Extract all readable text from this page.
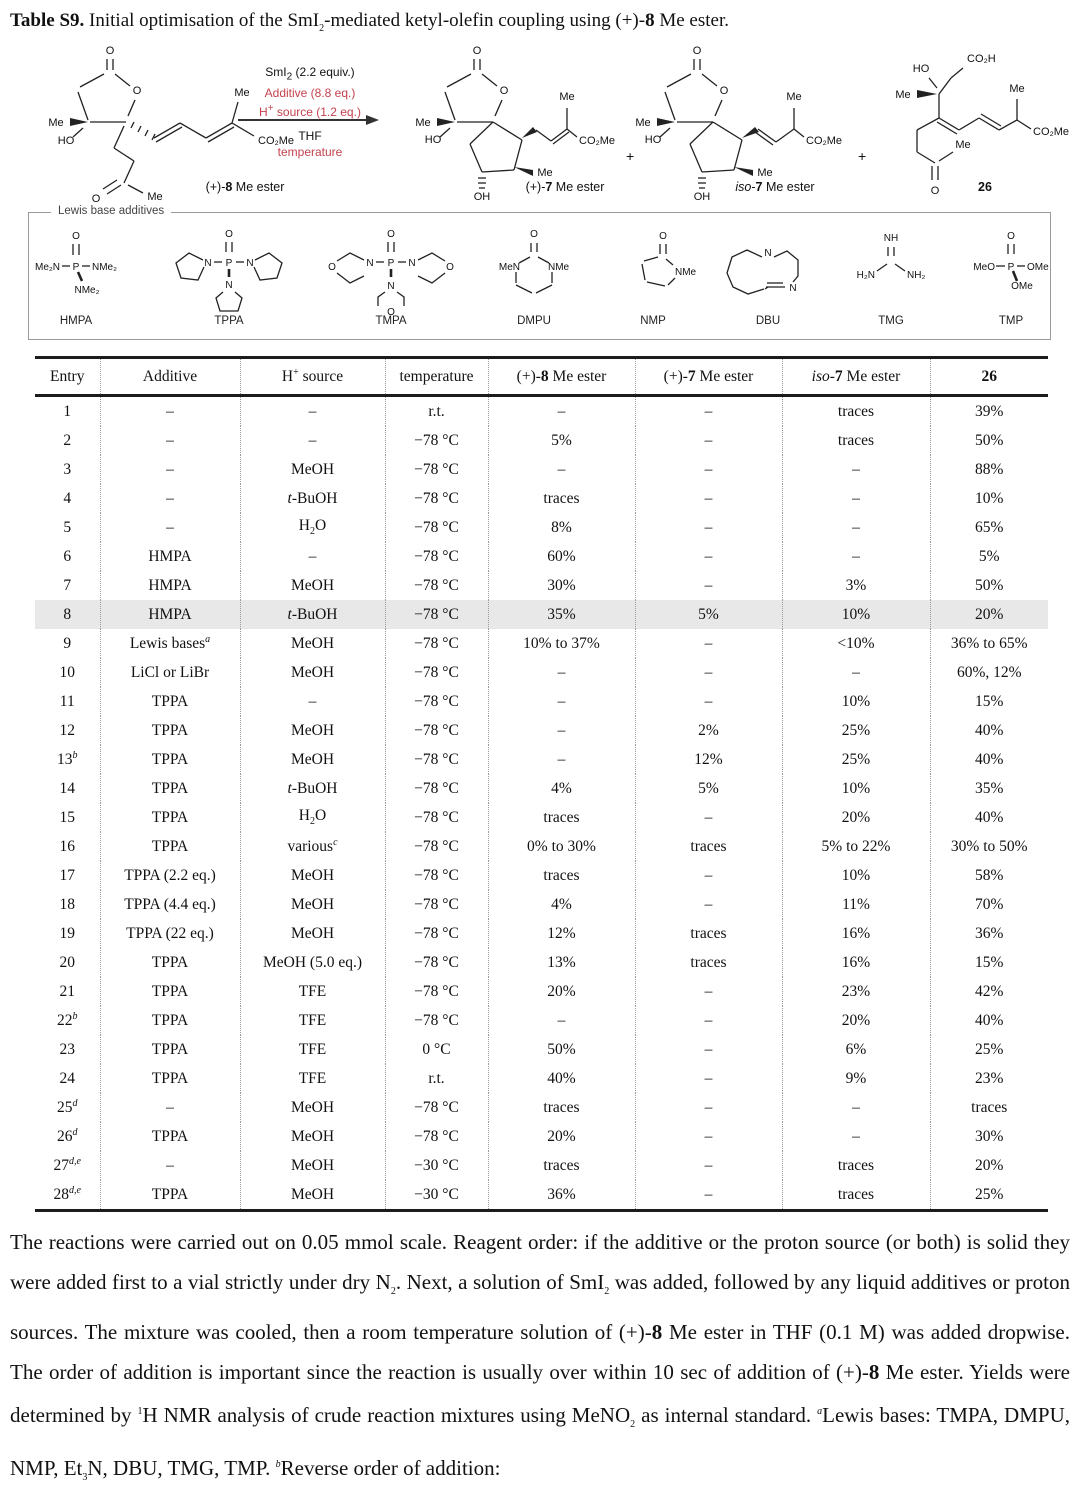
Table S9. Initial optimisation of the SmI$_2$-mediated ketyl-olefin coupling using (+)-8 Me ester.
O
O
Me
HO
Me
CO₂Me
O	Me
SmI$_2$ (2.2 equiv.)
Additive (8.8 eq.)
H+ source (1.2 eq.)
THF
temperature
O
O
Me
HO
OH
Me
Me
CO₂Me
+
O
O
Me
HO
OH
Me
Me
CO₂Me
+
CO₂H
HO
Me	Me
CO₂Me
Me
O
(+)-8 Me ester	(+)-7 Me ester	iso-7 Me ester	26
Lewis base additives
O
Me₂N P NMe₂
NMe₂
O
P
N	N
N
O
P
N
O	N	O
N
O
O
MeN	NMe
O
NMe
N
N
NH
H₂N	NH₂
O
MeO P OMe
OMe
HMPA	TPPA	TMPA	DMPU	NMP	DBU	TMG	TMP
Entry	Additive	H+ source	temperature	(+)-8 Me ester	(+)-7 Me ester	iso-7 Me ester	26
1	–	–	r.t.	–	–	traces	39%
2	–	–	−78 °C	5%	–	traces	50%
3	–	MeOH	−78 °C	–	–	–	88%
4	–	t-BuOH	−78 °C	traces	–	–	10%
5	–	$H_2O$	−78 °C	8%	–	–	65%
6	HMPA	–	−78 °C	60%	–	–	5%
7	HMPA	MeOH	−78 °C	30%	–	3%	50%
8	HMPA	t-BuOH	−78 °C	35%	5%	10%	20%
9	Lewis bases$^a$	MeOH	−78 °C	10% to 37%	–	<10%	36% to 65%
10	LiCl or LiBr	MeOH	−78 °C	–	–	–	60%, 12%
11	TPPA	–	−78 °C	–	–	10%	15%
12	TPPA	MeOH	−78 °C	–	2%	25%	40%
13$^b$	TPPA	MeOH	−78 °C	–	12%	25%	40%
14	TPPA	t-BuOH	−78 °C	4%	5%	10%	35%
15	TPPA	$H_2O$	−78 °C	traces	–	20%	40%
16	TPPA	various$^c$	−78 °C	0% to 30%	traces	5% to 22%	30% to 50%
17	TPPA (2.2 eq.)	MeOH	−78 °C	traces	–	10%	58%
18	TPPA (4.4 eq.)	MeOH	−78 °C	4%	–	11%	70%
19	TPPA (22 eq.)	MeOH	−78 °C	12%	traces	16%	36%
20	TPPA	MeOH (5.0 eq.)	−78 °C	13%	traces	16%	15%
21	TPPA	TFE	−78 °C	20%	–	23%	42%
22$^b$	TPPA	TFE	−78 °C	–	–	20%	40%
23	TPPA	TFE	0 °C	50%	–	6%	25%
24	TPPA	TFE	r.t.	40%	–	9%	23%
25$^d$	–	MeOH	−78 °C	traces	–	–	traces
26$^d$	TPPA	MeOH	−78 °C	20%	–	–	30%
27$^{d,e}$	–	MeOH	−30 °C	traces	–	traces	20%
28$^{d,e}$	TPPA	MeOH	−30 °C	36%	–	traces	25%
The reactions were carried out on 0.05 mmol scale. Reagent order: if the additive or the proton source (or both) is solid they were added first to a vial strictly under dry $N_2$. Next, a solution of SmI$_2$ was added, followed by any liquid additives or proton sources. The mixture was cooled, then a room temperature solution of (+)-8 Me ester in THF (0.1 M) was added dropwise. The order of addition is important since the reaction is usually over within 10 sec of addition of (+)-8 Me ester. Yields were determined by $^1$H NMR analysis of crude reaction mixtures using MeNO$_2$ as internal standard. $^a$Lewis bases: TMPA, DMPU, NMP, $Et_3N$, DBU, TMG, TMP. $^b$Reverse order of addition:
